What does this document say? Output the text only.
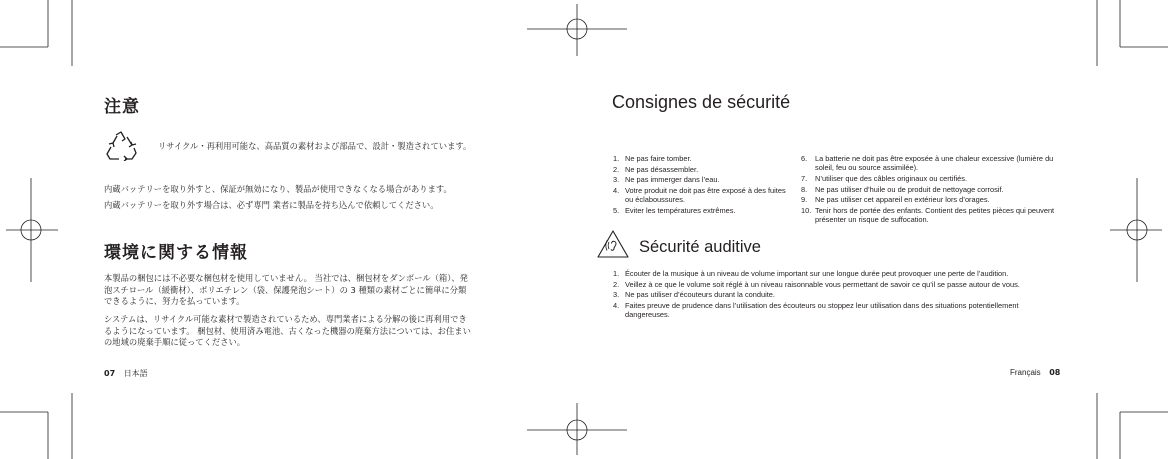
注意
リサイクル・再利用可能な、高品質の素材および部品で、設計・製造されています。
内蔵バッテリーを取り外すと、保証が無効になり、製品が使用できなくなる場合があります。
内蔵バッテリーを取り外す場合は、必ず専門 業者に製品を持ち込んで依頼してください。
環境に関する情報
本製品の梱包には不必要な梱包材を使用していません。 当社では、梱包材をダンボール（箱）、発
泡スチロール（緩衝材）、ポリエチレン（袋、保護発泡シート）の 3 種類の素材ごとに簡単に分類
できるように、努力を払っています。
システムは、リサイクル可能な素材で製造されているため、専門業者による分解の後に再利用でき
るようになっています。 梱包材、使用済み電池、古くなった機器の廃棄方法については、お住まい
の地域の廃棄手順に従ってください。
07 日本語
Consignes de sécurité
1. Ne pas faire tomber.
2. Ne pas désassembler.
3. Ne pas immerger dans l’eau.
4. Votre produit ne doit pas être exposé à des fuites ou éclaboussures.
5. Eviter les températures extrêmes.
6. La batterie ne doit pas être exposée à une chaleur excessive (lumière du soleil, feu ou source assimilée).
7. N’utiliser que des câbles originaux ou certifiés.
8. Ne pas utiliser d’huile ou de produit de nettoyage corrosif.
9. Ne pas utiliser cet appareil en extérieur lors d’orages.
10. Tenir hors de portée des enfants. Contient des petites pièces qui peuvent présenter un risque de suffocation.
Sécurité auditive
1. Écouter de la musique à un niveau de volume important sur une longue durée peut provoquer une perte de l’audition.
2. Veillez à ce que le volume soit réglé à un niveau raisonnable vous permettant de savoir ce qu’il se passe autour de vous.
3. Ne pas utiliser d’écouteurs durant la conduite.
4. Faites preuve de prudence dans l’utilisation des écouteurs ou stoppez leur utilisation dans des situations potentiellement dangereuses.
Français 08
